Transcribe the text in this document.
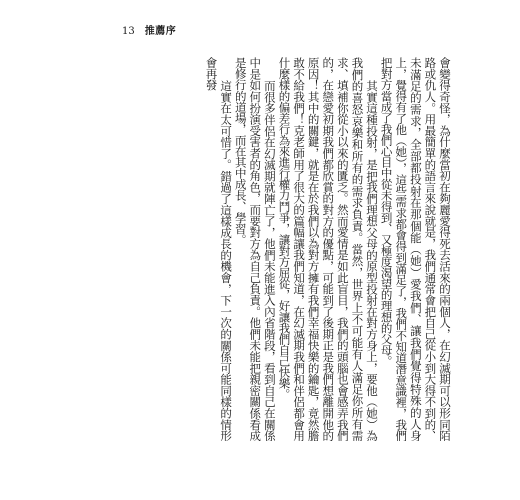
13 推薦序

會變得奇怪，為什麼當初在夠麗愛得死去活來的兩個人，在幻滅期可以形同陌路或仇人。用最簡單的語言來說就是，我們通常會把自己從小到大得不到的、未滿足的需求，全部都投射在那個能（她）愛我們、讓我們覺得特殊的人身上，覺得有了他（她），這些需求都會得到滿足了，我們不知道潛意識裡，我們把對方當成了我們心目中從未得到、又極度渴望的理想的父母。

其實這種投射，是把我們理想父母的原型投射在對方身上，要他（她）為我們的喜怒哀樂和所有的需求負責。當然，世界上不可能有人滿足你所有需求、填補你從小以來的匱乏。然而愛情是如此盲目，我們的頭腦也會感弄我們的，在戀愛初期我們都欣賞的對方的優點，可能到了後期正是我們想離開他的原因！其中的關鍵，就是在於我們以為對方擁有我們幸福快樂的鑰匙，竟然膽敢不給我們！克老師用了很大的篇幅讓我們知道，在幻滅期我們和伴侶都會用什麼樣的偏差行為來進行權力鬥爭，讓對方屈從，好讓我們自己快樂。

而很多伴侶在幻滅期就陣亡了，他們未能進入內省階段，看到自己在關係中是如何扮演受害者的角色，而要對方為自己負責。他們未能把親密關係看成是修行的道場，而在其中成長、學習。

這實在太可惜了。錯過了這樣成長的機會，下一次的關係可能同樣的情形會再發
